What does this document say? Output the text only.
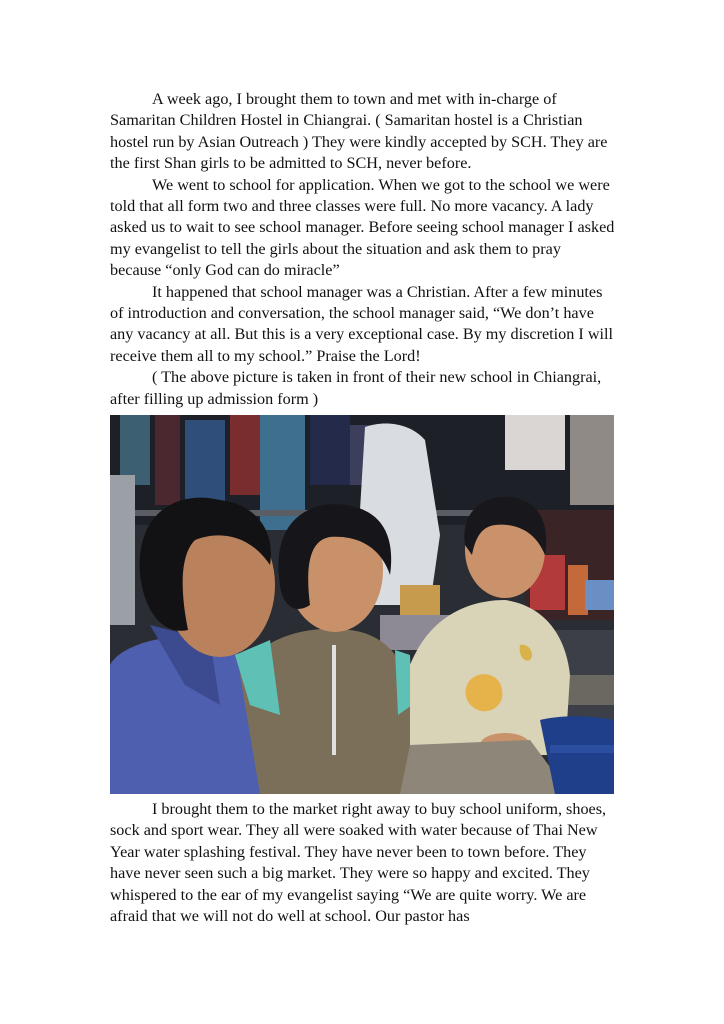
A week ago, I brought them to town and met with in-charge of Samaritan Children Hostel in Chiangrai. ( Samaritan hostel is a Christian hostel run by Asian Outreach ) They were kindly accepted by SCH. They are the first Shan girls to be admitted to SCH, never before.

We went to school for application. When we got to the school we were told that all form two and three classes were full. No more vacancy. A lady asked us to wait to see school manager. Before seeing school manager I asked my evangelist to tell the girls about the situation and ask them to pray because “only God can do miracle”

It happened that school manager was a Christian. After a few minutes of introduction and conversation, the school manager said, “We don’t have any vacancy at all. But this is a very exceptional case. By my discretion I will receive them all to my school.” Praise the Lord!

( The above picture is taken in front of their new school in Chiangrai, after filling up admission form )

I brought them to the market right away to buy school uniform, shoes, sock and sport wear. They all were soaked with water because of Thai New Year water splashing festival. They have never been to town before. They have never seen such a big market. They were so happy and excited. They whispered to the ear of my evangelist saying “We are quite worry. We are afraid that we will not do well at school. Our pastor has
